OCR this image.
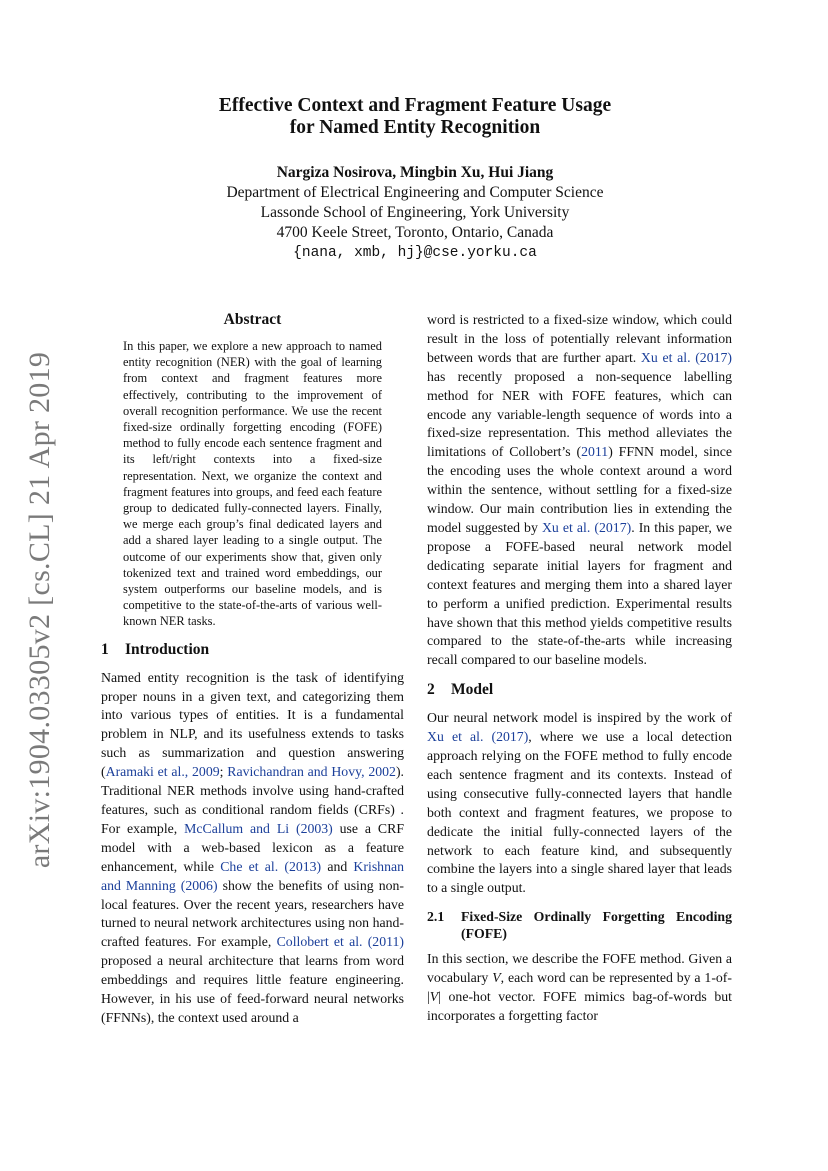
arXiv:1904.03305v2 [cs.CL] 21 Apr 2019
Effective Context and Fragment Feature Usage
for Named Entity Recognition
Nargiza Nosirova, Mingbin Xu, Hui Jiang
Department of Electrical Engineering and Computer Science
Lassonde School of Engineering, York University
4700 Keele Street, Toronto, Ontario, Canada
{nana, xmb, hj}@cse.yorku.ca
Abstract

In this paper, we explore a new approach to named entity recognition (NER) with the goal of learning from context and fragment features more effectively, contributing to the improvement of overall recognition performance. We use the recent fixed-size ordinally forgetting encoding (FOFE) method to fully encode each sentence fragment and its left/right contexts into a fixed-size representation. Next, we organize the context and fragment features into groups, and feed each feature group to dedicated fully-connected layers. Finally, we merge each group’s final dedicated layers and add a shared layer leading to a single output. The outcome of our experiments show that, given only tokenized text and trained word embeddings, our system outperforms our baseline models, and is competitive to the state-of-the-arts of various well-known NER tasks.

1 Introduction

Named entity recognition is the task of identifying proper nouns in a given text, and categorizing them into various types of entities. It is a fundamental problem in NLP, and its usefulness extends to tasks such as summarization and question answering (Aramaki et al., 2009; Ravichandran and Hovy, 2002). Traditional NER methods involve using hand-crafted features, such as conditional random fields (CRFs) . For example, McCallum and Li (2003) use a CRF model with a web-based lexicon as a feature enhancement, while Che et al. (2013) and Krishnan and Manning (2006) show the benefits of using non-local features. Over the recent years, researchers have turned to neural network architectures using non hand-crafted features. For example, Collobert et al. (2011) proposed a neural architecture that learns from word embeddings and requires little feature engineering. However, in his use of feed-forward neural networks (FFNNs), the context used around a

word is restricted to a fixed-size window, which could result in the loss of potentially relevant information between words that are further apart. Xu et al. (2017) has recently proposed a non-sequence labelling method for NER with FOFE features, which can encode any variable-length sequence of words into a fixed-size representation. This method alleviates the limitations of Collobert’s (2011) FFNN model, since the encoding uses the whole context around a word within the sentence, without settling for a fixed-size window. Our main contribution lies in extending the model suggested by Xu et al. (2017). In this paper, we propose a FOFE-based neural network model dedicating separate initial layers for fragment and context features and merging them into a shared layer to perform a unified prediction. Experimental results have shown that this method yields competitive results compared to the state-of-the-arts while increasing recall compared to our baseline models.

2 Model

Our neural network model is inspired by the work of Xu et al. (2017), where we use a local detection approach relying on the FOFE method to fully encode each sentence fragment and its contexts. Instead of using consecutive fully-connected layers that handle both context and fragment features, we propose to dedicate the initial fully-connected layers of the network to each feature kind, and subsequently combine the layers into a single shared layer that leads to a single output.

2.1	Fixed-Size Ordinally Forgetting Encoding (FOFE)

In this section, we describe the FOFE method. Given a vocabulary V, each word can be represented by a 1-of-|V| one-hot vector. FOFE mimics bag-of-words but incorporates a forgetting factor
